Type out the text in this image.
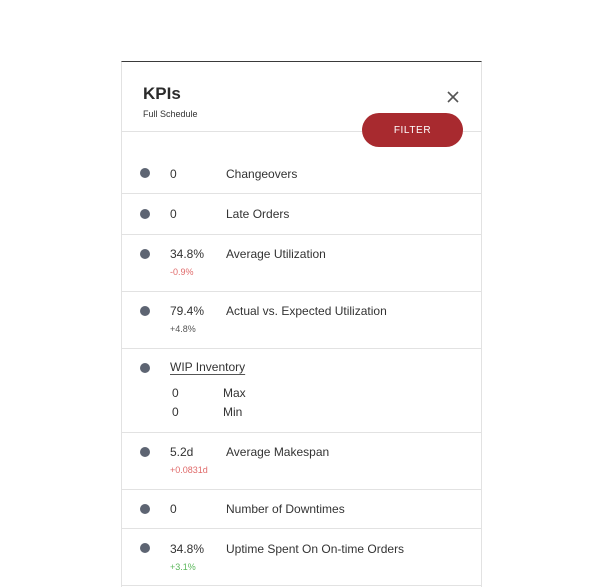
KPIs
Full Schedule
FILTER
0	Changeovers
0	Late Orders
34.8% Average Utilization
-0.9%
79.4% Actual vs. Expected Utilization
+4.8%
WIP Inventory
0	Max
0	Min
5.2d	Average Makespan
+0.0831d
0	Number of Downtimes
34.8% Uptime Spent On On-time Orders
+3.1%
